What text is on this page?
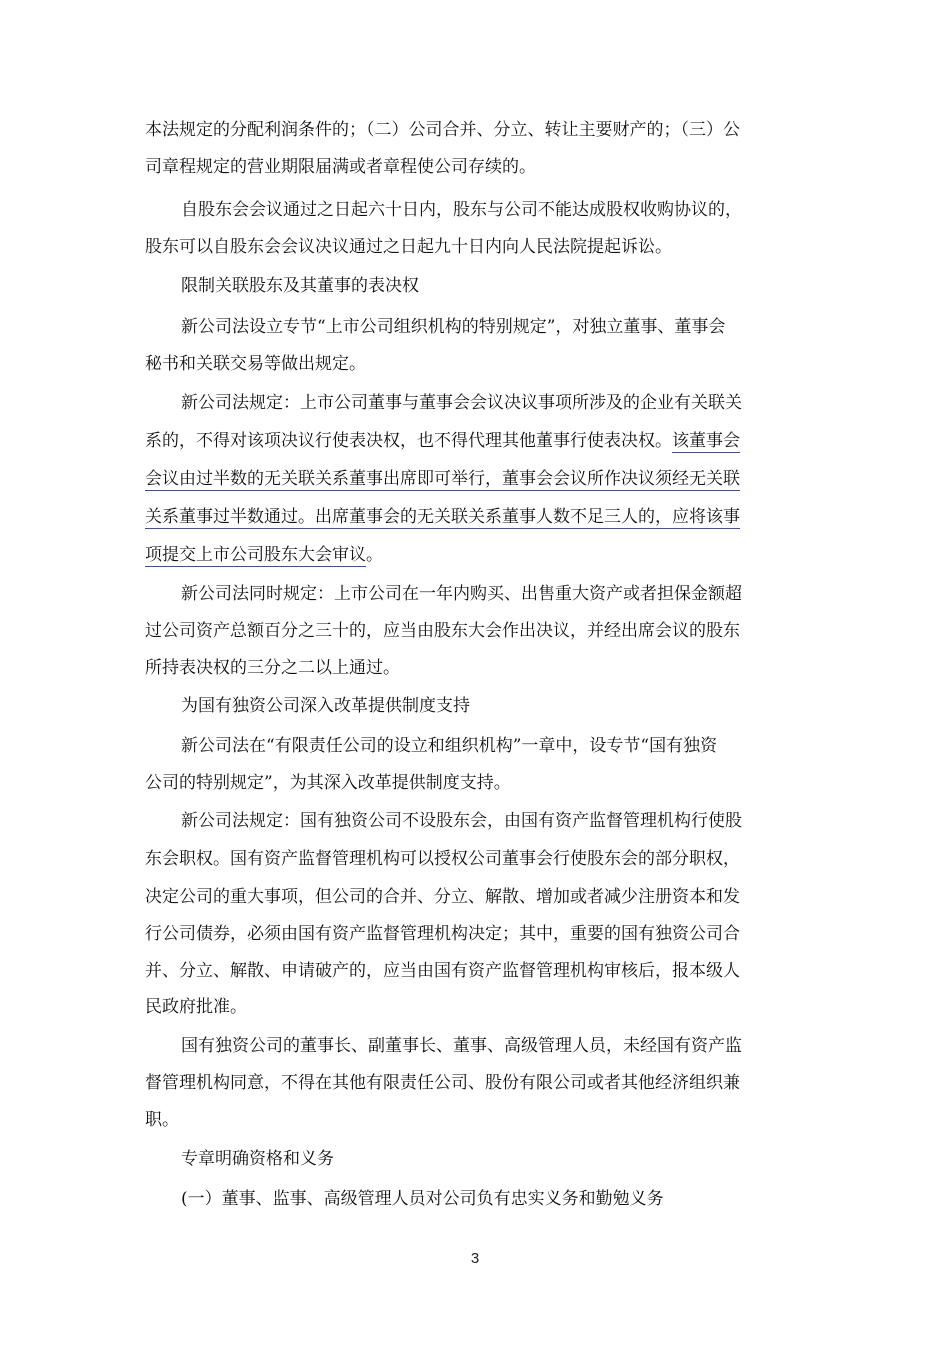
本法规定的分配利润条件的；（二）公司合并、分立、转让主要财产的；（三）公
司章程规定的营业期限届满或者章程使公司存续的。
自股东会会议通过之日起六十日内，股东与公司不能达成股权收购协议的，
股东可以自股东会会议决议通过之日起九十日内向人民法院提起诉讼。
限制关联股东及其董事的表决权
新公司法设立专节“上市公司组织机构的特别规定”，对独立董事、董事会
秘书和关联交易等做出规定。
新公司法规定：上市公司董事与董事会会议决议事项所涉及的企业有关联关
系的，不得对该项决议行使表决权，也不得代理其他董事行使表决权。该董事会
会议由过半数的无关联关系董事出席即可举行，董事会会议所作决议须经无关联
关系董事过半数通过。出席董事会的无关联关系董事人数不足三人的，应将该事
项提交上市公司股东大会审议。
新公司法同时规定：上市公司在一年内购买、出售重大资产或者担保金额超
过公司资产总额百分之三十的，应当由股东大会作出决议，并经出席会议的股东
所持表决权的三分之二以上通过。
为国有独资公司深入改革提供制度支持
新公司法在“有限责任公司的设立和组织机构”一章中，设专节“国有独资
公司的特别规定”，为其深入改革提供制度支持。
新公司法规定：国有独资公司不设股东会，由国有资产监督管理机构行使股
东会职权。国有资产监督管理机构可以授权公司董事会行使股东会的部分职权，
决定公司的重大事项，但公司的合并、分立、解散、增加或者减少注册资本和发
行公司债券，必须由国有资产监督管理机构决定；其中，重要的国有独资公司合
并、分立、解散、申请破产的，应当由国有资产监督管理机构审核后，报本级人
民政府批准。
国有独资公司的董事长、副董事长、董事、高级管理人员，未经国有资产监
督管理机构同意，不得在其他有限责任公司、股份有限公司或者其他经济组织兼
职。
专章明确资格和义务
(一）董事、监事、高级管理人员对公司负有忠实义务和勤勉义务
3
